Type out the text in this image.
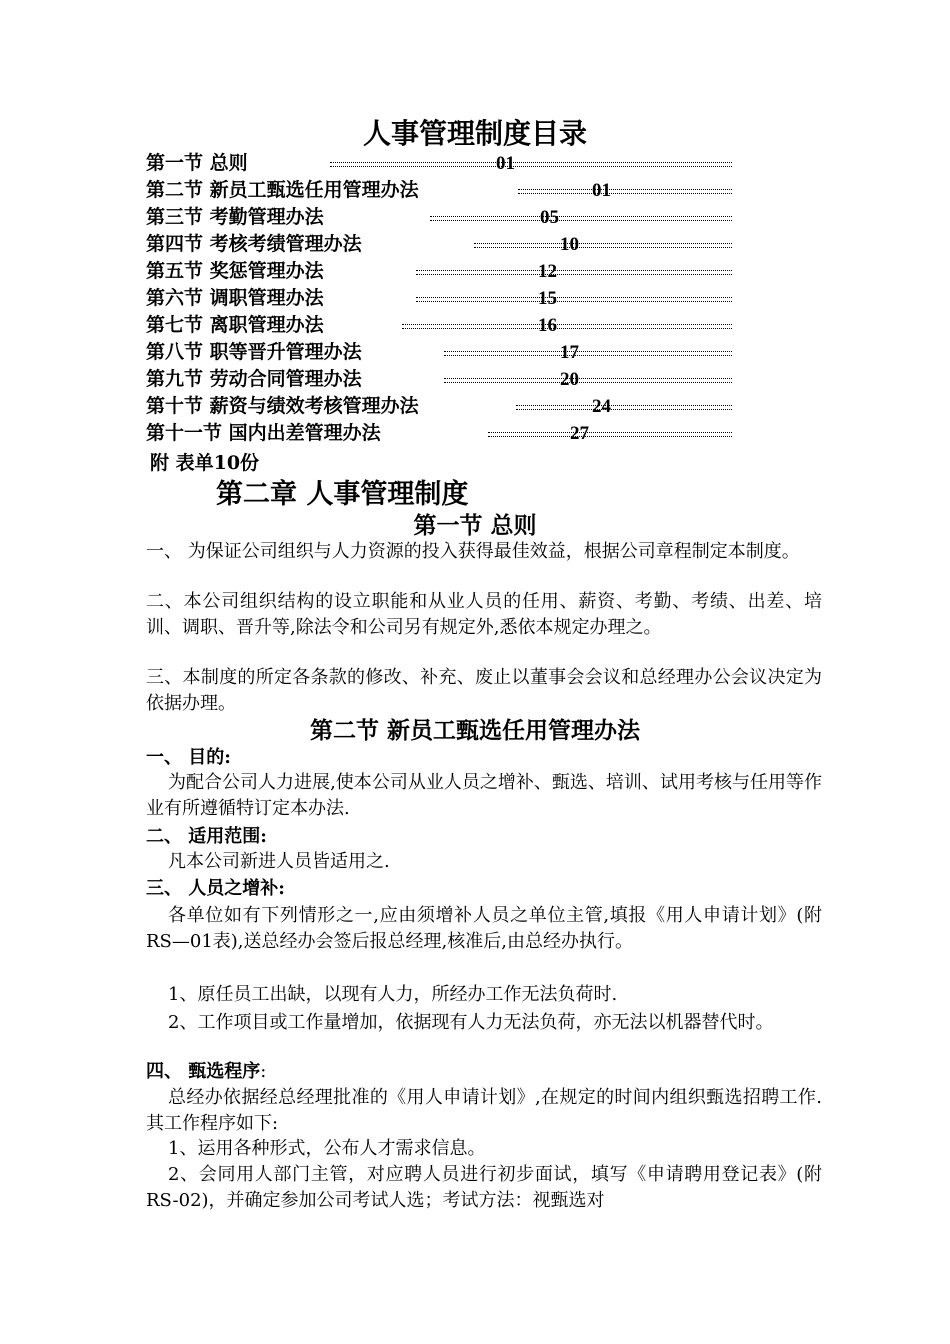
人事管理制度目录
第一节 总则	01
第二节 新员工甄选任用管理办法	01
第三节 考勤管理办法	05
第四节 考核考绩管理办法	10
第五节 奖惩管理办法	12
第六节 调职管理办法	15
第七节 离职管理办法	16
第八节 职等晋升管理办法	17
第九节 劳动合同管理办法	20
第十节 薪资与绩效考核管理办法	24
第十一节 国内出差管理办法	27
附 表单10份
第二章 人事管理制度
第一节 总则
一、 为保证公司组织与人力资源的投入获得最佳效益，根据公司章程制定本制度。
二、本公司组织结构的设立职能和从业人员的任用、薪资、考勤、考绩、出差、培训、调职、晋升等,除法令和公司另有规定外,悉依本规定办理之。
三、本制度的所定各条款的修改、补充、废止以董事会会议和总经理办公会议决定为依据办理。
第二节 新员工甄选任用管理办法
一、 目的:
为配合公司人力进展,使本公司从业人员之增补、甄选、培训、试用考核与任用等作业有所遵循特订定本办法.
二、 适用范围:
凡本公司新进人员皆适用之.
三、 人员之增补:
各单位如有下列情形之一,应由须增补人员之单位主管,填报《用人申请计划》(附RS—01表),送总经办会签后报总经理,核准后,由总经办执行。
1、原任员工出缺，以现有人力，所经办工作无法负荷时.
2、工作项目或工作量增加，依据现有人力无法负荷，亦无法以机器替代时。
四、 甄选程序:
总经办依据经总经理批准的《用人申请计划》,在规定的时间内组织甄选招聘工作.其工作程序如下:
1、运用各种形式，公布人才需求信息。
2、会同用人部门主管，对应聘人员进行初步面试，填写《申请聘用登记表》(附RS-02)，并确定参加公司考试人选；考试方法：视甄选对
